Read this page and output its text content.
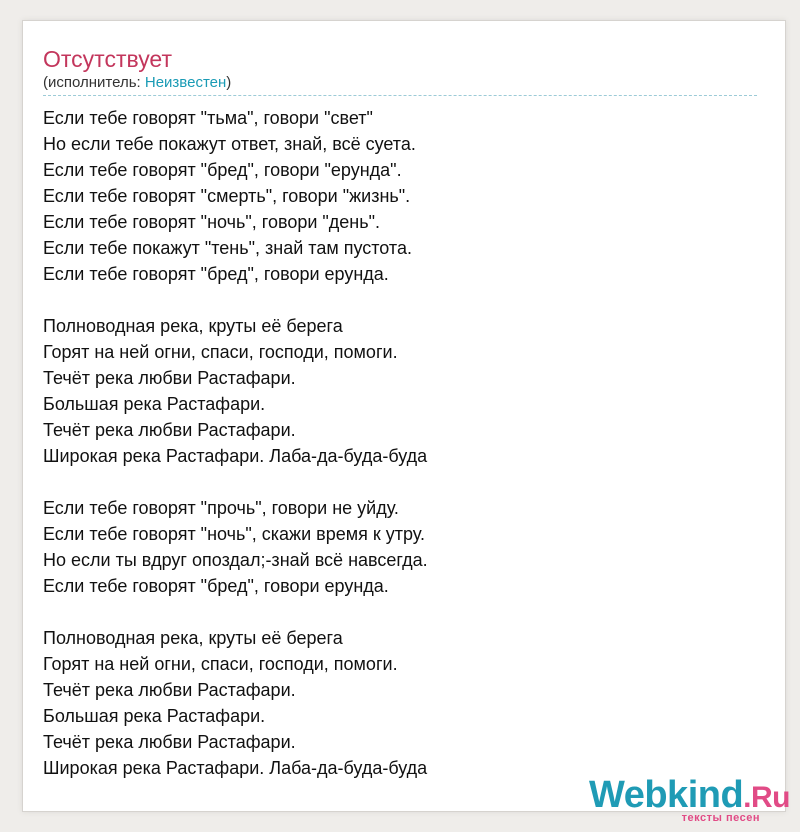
Отсутствует
(исполнитель: Неизвестен)
Если тебе говорят "тьма", говори "свет"
Но если тебе покажут ответ, знай, всё суета.
Если тебе говорят "бред", говори "ерунда".
Если тебе говорят "смерть", говори "жизнь".
Если тебе говорят "ночь", говори "день".
Если тебе покажут "тень", знай там пустота.
Если тебе говорят "бред", говори ерунда.
Полноводная река, круты её берега
Горят на ней огни, спаси, господи, помоги.
Течёт река любви Растафари.
Большая река Растафари.
Течёт река любви Растафари.
Широкая река Растафари. Лаба-да-буда-буда
Если тебе говорят "прочь", говори не уйду.
Если тебе говорят "ночь", скажи время к утру.
Но если ты вдруг опоздал;-знай всё навсегда.
Если тебе говорят "бред", говори ерунда.
Полноводная река, круты её берега
Горят на ней огни, спаси, господи, помоги.
Течёт река любви Растафари.
Большая река Растафари.
Течёт река любви Растафари.
Широкая река Растафари. Лаба-да-буда-буда
Webkind.Ru
тексты песен
